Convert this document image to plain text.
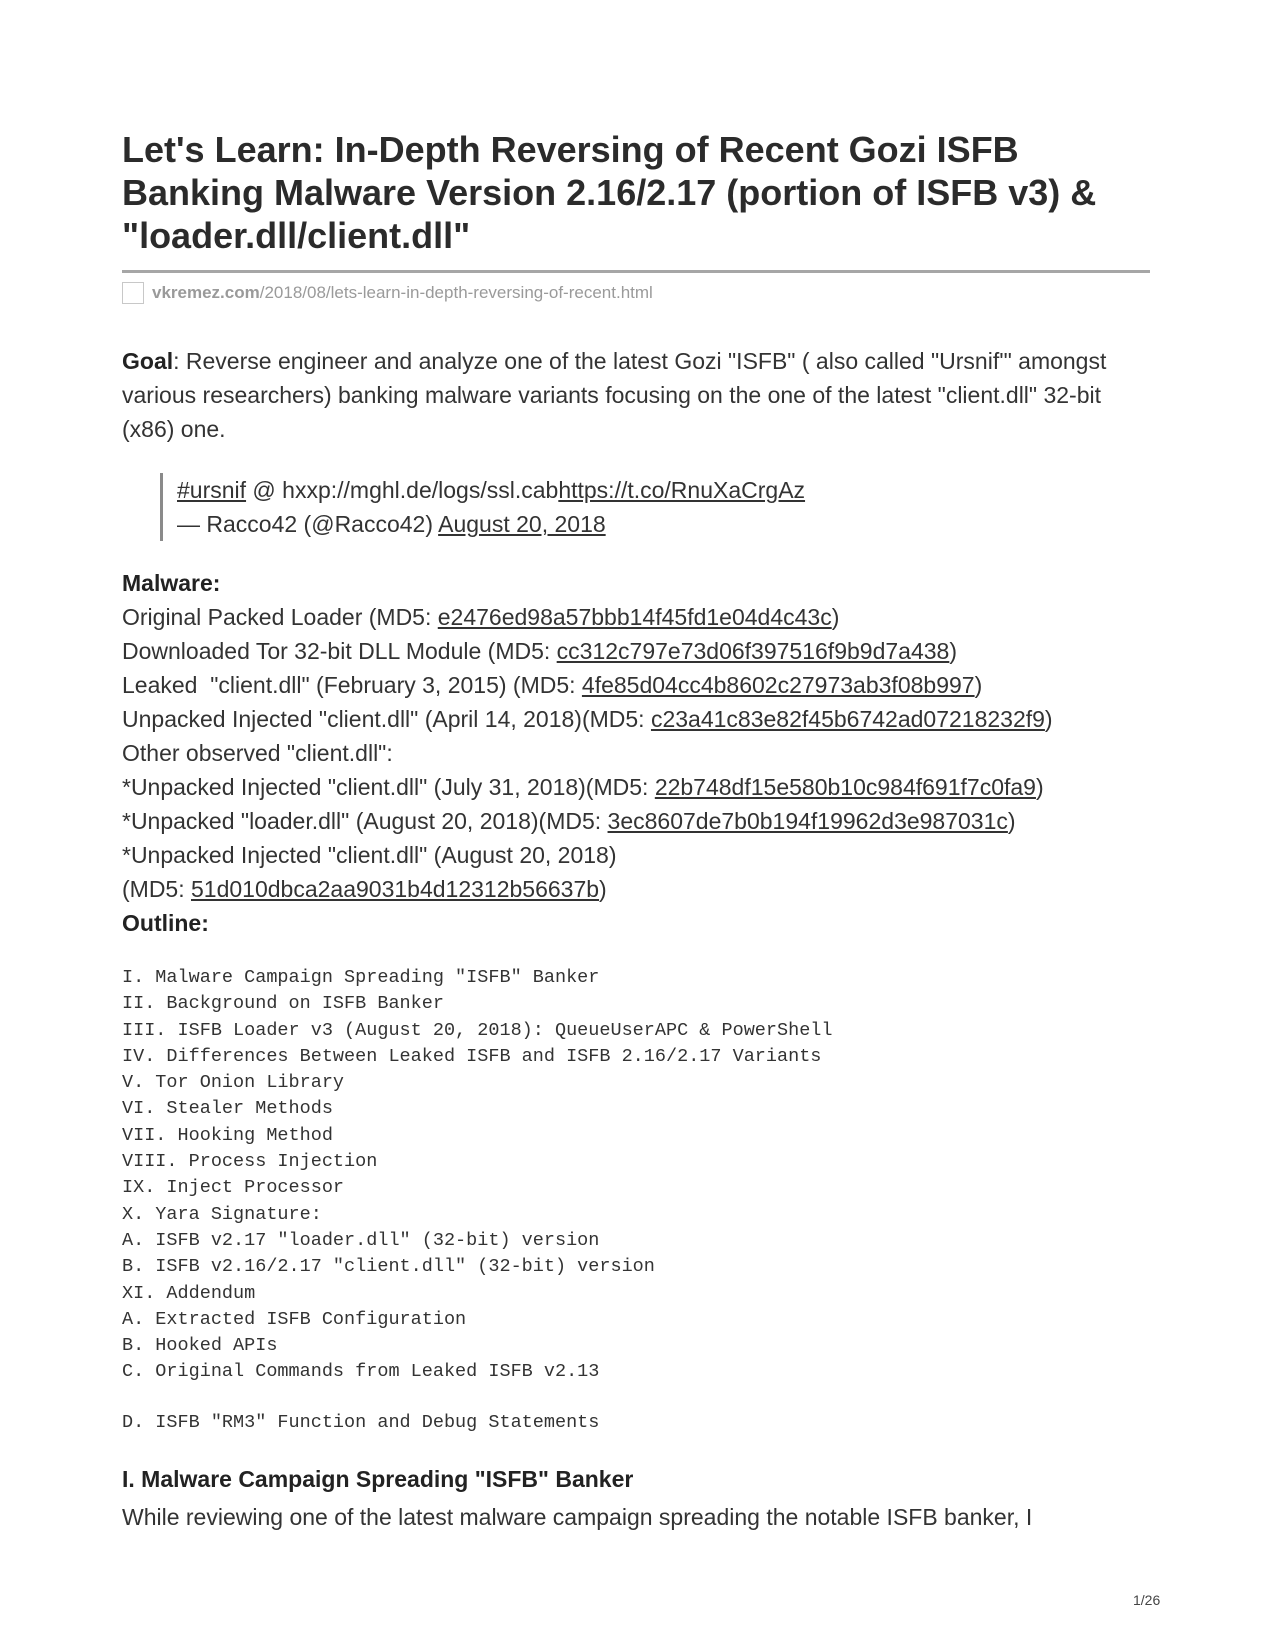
Let's Learn: In-Depth Reversing of Recent Gozi ISFB Banking Malware Version 2.16/2.17 (portion of ISFB v3) & "loader.dll/client.dll"
vkremez.com /2018/08/lets-learn-in-depth-reversing-of-recent.html

Goal: Reverse engineer and analyze one of the latest Gozi "ISFB" ( also called "Ursnif'" amongst various researchers) banking malware variants focusing on the one of the latest "client.dll" 32-bit (x86) one.

#ursnif @ hxxp://mghl.de/logs/ssl.cabhttps://t.co/RnuXaCrgAz
— Racco42 (@Racco42) August 20, 2018
Malware:
Original Packed Loader (MD5: e2476ed98a57bbb14f45fd1e04d4c43c)
Downloaded Tor 32-bit DLL Module (MD5: cc312c797e73d06f397516f9b9d7a438)
Leaked  "client.dll" (February 3, 2015) (MD5: 4fe85d04cc4b8602c27973ab3f08b997)
Unpacked Injected "client.dll" (April 14, 2018)(MD5: c23a41c83e82f45b6742ad07218232f9)
Other observed "client.dll":
*Unpacked Injected "client.dll" (July 31, 2018)(MD5: 22b748df15e580b10c984f691f7c0fa9)
*Unpacked "loader.dll" (August 20, 2018)(MD5: 3ec8607de7b0b194f19962d3e987031c)
*Unpacked Injected "client.dll" (August 20, 2018)
(MD5: 51d010dbca2aa9031b4d12312b56637b)
Outline:
I. Malware Campaign Spreading "ISFB" Banker
II. Background on ISFB Banker
III. ISFB Loader v3 (August 20, 2018): QueueUserAPC & PowerShell
IV. Differences Between Leaked ISFB and ISFB 2.16/2.17 Variants
V. Tor Onion Library
VI. Stealer Methods
VII. Hooking Method
VIII. Process Injection
IX. Inject Processor
X. Yara Signature:
A. ISFB v2.17 "loader.dll" (32-bit) version
B. ISFB v2.16/2.17 "client.dll" (32-bit) version
XI. Addendum
A. Extracted ISFB Configuration
B. Hooked APIs
C. Original Commands from Leaked ISFB v2.13
D. ISFB "RM3" Function and Debug Statements
I. Malware Campaign Spreading "ISFB" Banker

While reviewing one of the latest malware campaign spreading the notable ISFB banker, I

1/26
